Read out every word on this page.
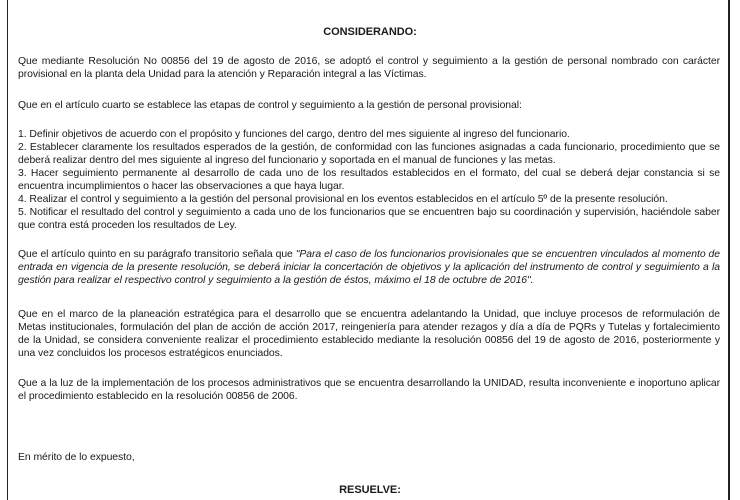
CONSIDERANDO:

Que mediante Resolución No 00856 del 19 de agosto de 2016, se adoptó el control y seguimiento a la gestión de personal nombrado con carácter provisional en la planta dela Unidad para la atención y Reparación integral a las Víctimas.

Que en el artículo cuarto se establece las etapas de control y seguimiento a la gestión de personal provisional:

1. Definir objetivos de acuerdo con el propósito y funciones del cargo, dentro del mes siguiente al ingreso del funcionario.
2. Establecer claramente los resultados esperados de la gestión, de conformidad con las funciones asignadas a cada funcionario, procedimiento que se deberá realizar dentro del mes siguiente al ingreso del funcionario y soportada en el manual de funciones y las metas.
3. Hacer seguimiento permanente al desarrollo de cada uno de los resultados establecidos en el formato, del cual se deberá dejar constancia si se encuentra incumplimientos o hacer las observaciones a que haya lugar.
4. Realizar el control y seguimiento a la gestión del personal provisional en los eventos establecidos en el artículo 5º de la presente resolución.
5. Notificar el resultado del control y seguimiento a cada uno de los funcionarios que se encuentren bajo su coordinación y supervisión, haciéndole saber que contra está proceden los resultados de Ley.

Que el artículo quinto en su parágrafo transitorio señala que "Para el caso de los funcionarios provisionales que se encuentren vinculados al momento de entrada en vigencia de la presente resolución, se deberá iniciar la concertación de objetivos y la aplicación del instrumento de control y seguimiento a la gestión para realizar el respectivo control y seguimiento a la gestión de éstos, máximo el 18 de octubre de 2016".

Que en el marco de la planeación estratégica para el desarrollo que se encuentra adelantando la Unidad, que incluye procesos de reformulación de Metas institucionales, formulación del plan de acción de acción 2017, reingeniería para atender rezagos y día a día de PQRs y Tutelas y fortalecimiento de la Unidad, se considera conveniente realizar el procedimiento establecido mediante la resolución 00856 del 19 de agosto de 2016, posteriormente y una vez concluidos los procesos estratégicos enunciados.

Que a la luz de la implementación de los procesos administrativos que se encuentra desarrollando la UNIDAD, resulta inconveniente e inoportuno aplicar el procedimiento establecido en la resolución 00856 de 2006.

En mérito de lo expuesto,

RESUELVE:
